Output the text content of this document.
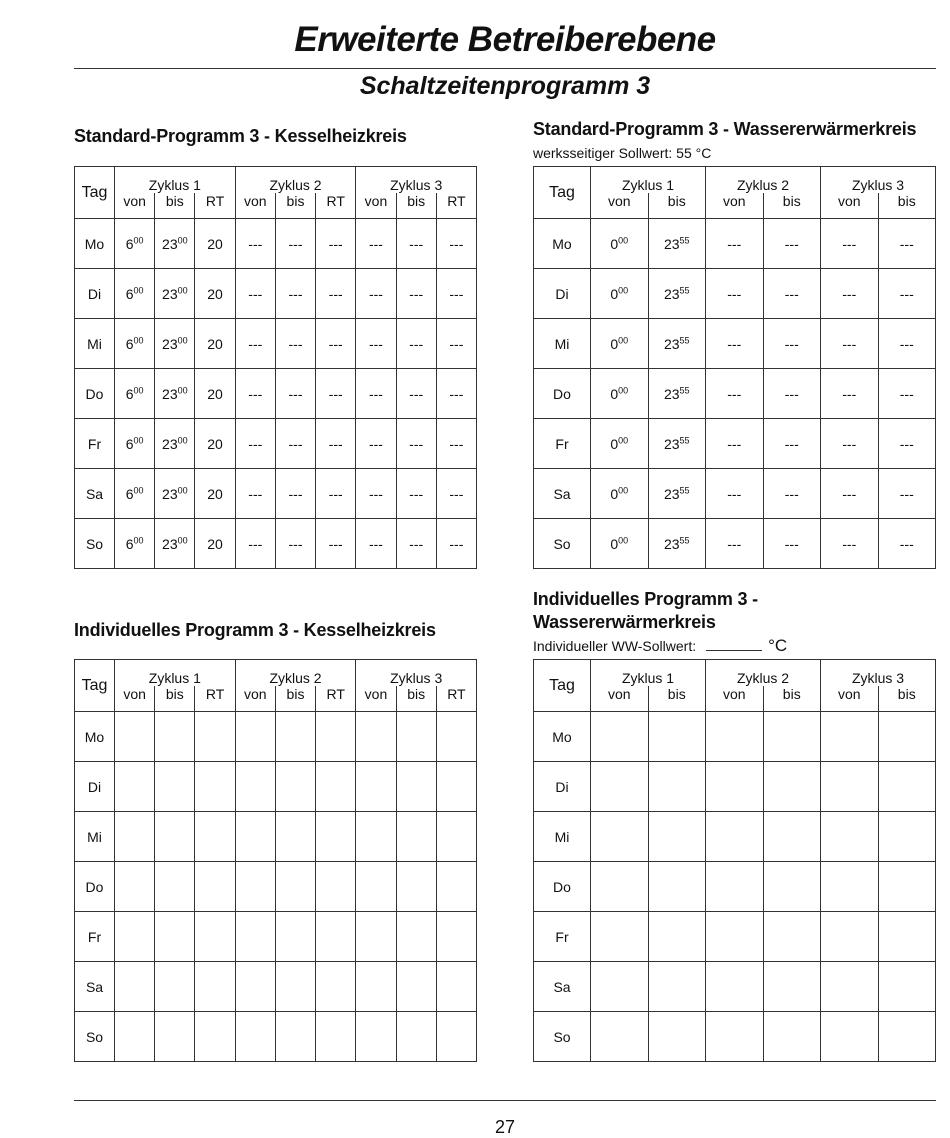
Erweiterte Betreiberebene
Schaltzeitenprogramm 3
Standard-Programm 3 - Kesselheizkreis	Standard-Programm 3 - Wassererwärmerkreis
werksseitiger Sollwert: 55 °C
Individuelles Programm 3 - Kesselheizkreis
Individuelles Programm 3 -
Wassererwärmerkreis
Individueller WW-Sollwert:	°C
Tag	Zyklus 1			Zyklus 2			Zyklus 3		
	von	bis	RT	von	bis	RT	von	bis	RT
Mo	$6^{00}$	$23^{00}$	20	---	---	---	---	---	---
Di	$6^{00}$	$23^{00}$	20	---	---	---	---	---	---
Mi	$6^{00}$	$23^{00}$	20	---	---	---	---	---	---
Do	$6^{00}$	$23^{00}$	20	---	---	---	---	---	---
Fr	$6^{00}$	$23^{00}$	20	---	---	---	---	---	---
Sa	$6^{00}$	$23^{00}$	20	---	---	---	---	---	---
So	$6^{00}$	$23^{00}$	20	---	---	---	---	---	---
Tag	Zyklus 1		Zyklus 2		Zyklus 3	
	von	bis	von	bis	von	bis
Mo	$0^{00}$	$23^{55}$	---	---	---	---
Di	$0^{00}$	$23^{55}$	---	---	---	---
Mi	$0^{00}$	$23^{55}$	---	---	---	---
Do	$0^{00}$	$23^{55}$	---	---	---	---
Fr	$0^{00}$	$23^{55}$	---	---	---	---
Sa	$0^{00}$	$23^{55}$	---	---	---	---
So	$0^{00}$	$23^{55}$	---	---	---	---
Tag	Zyklus 1			Zyklus 2			Zyklus 3		
	von	bis	RT	von	bis	RT	von	bis	RT
Mo									
Di									
Mi									
Do									
Fr									
Sa									
So									
Tag	Zyklus 1		Zyklus 2		Zyklus 3	
	von	bis	von	bis	von	bis
Mo						
Di						
Mi						
Do						
Fr						
Sa						
So						
27
